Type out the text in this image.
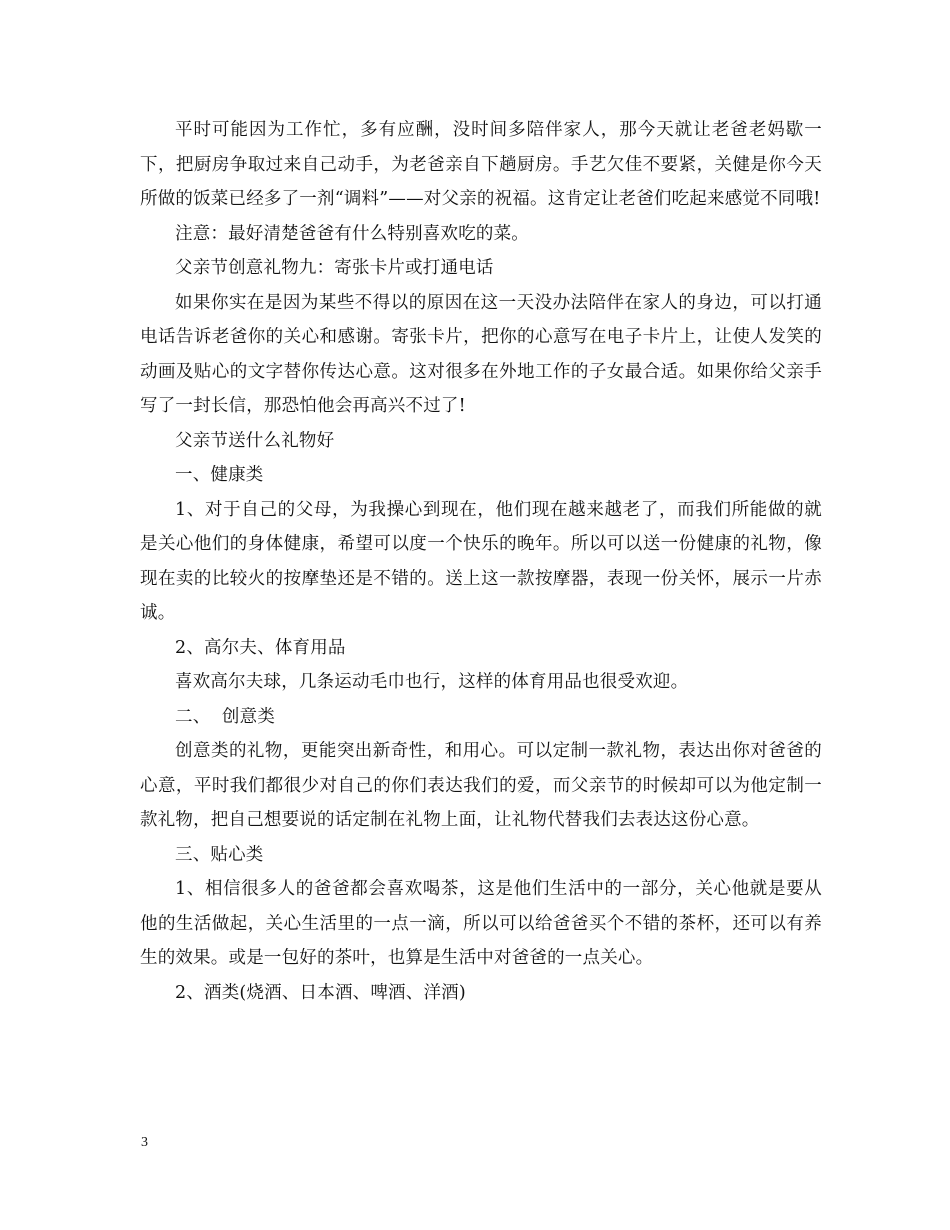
平时可能因为工作忙，多有应酬，没时间多陪伴家人，那今天就让老爸老妈歇一下，把厨房争取过来自己动手，为老爸亲自下趟厨房。手艺欠佳不要紧，关健是你今天所做的饭菜已经多了一剂“调料”——对父亲的祝福。这肯定让老爸们吃起来感觉不同哦!

注意：最好清楚爸爸有什么特别喜欢吃的菜。

父亲节创意礼物九：寄张卡片或打通电话

如果你实在是因为某些不得以的原因在这一天没办法陪伴在家人的身边，可以打通电话告诉老爸你的关心和感谢。寄张卡片，把你的心意写在电子卡片上，让使人发笑的动画及贴心的文字替你传达心意。这对很多在外地工作的子女最合适。如果你给父亲手写了一封长信，那恐怕他会再高兴不过了!

父亲节送什么礼物好

一、健康类

1、对于自己的父母，为我操心到现在，他们现在越来越老了，而我们所能做的就是关心他们的身体健康，希望可以度一个快乐的晚年。所以可以送一份健康的礼物，像现在卖的比较火的按摩垫还是不错的。送上这一款按摩器，表现一份关怀，展示一片赤诚。

2、高尔夫、体育用品

喜欢高尔夫球，几条运动毛巾也行，这样的体育用品也很受欢迎。

二、  创意类

创意类的礼物，更能突出新奇性，和用心。可以定制一款礼物，表达出你对爸爸的心意，平时我们都很少对自己的你们表达我们的爱，而父亲节的时候却可以为他定制一款礼物，把自己想要说的话定制在礼物上面，让礼物代替我们去表达这份心意。

三、贴心类

1、相信很多人的爸爸都会喜欢喝茶，这是他们生活中的一部分，关心他就是要从他的生活做起，关心生活里的一点一滴，所以可以给爸爸买个不错的茶杯，还可以有养生的效果。或是一包好的茶叶，也算是生活中对爸爸的一点关心。

2、酒类(烧酒、日本酒、啤酒、洋酒)

3
